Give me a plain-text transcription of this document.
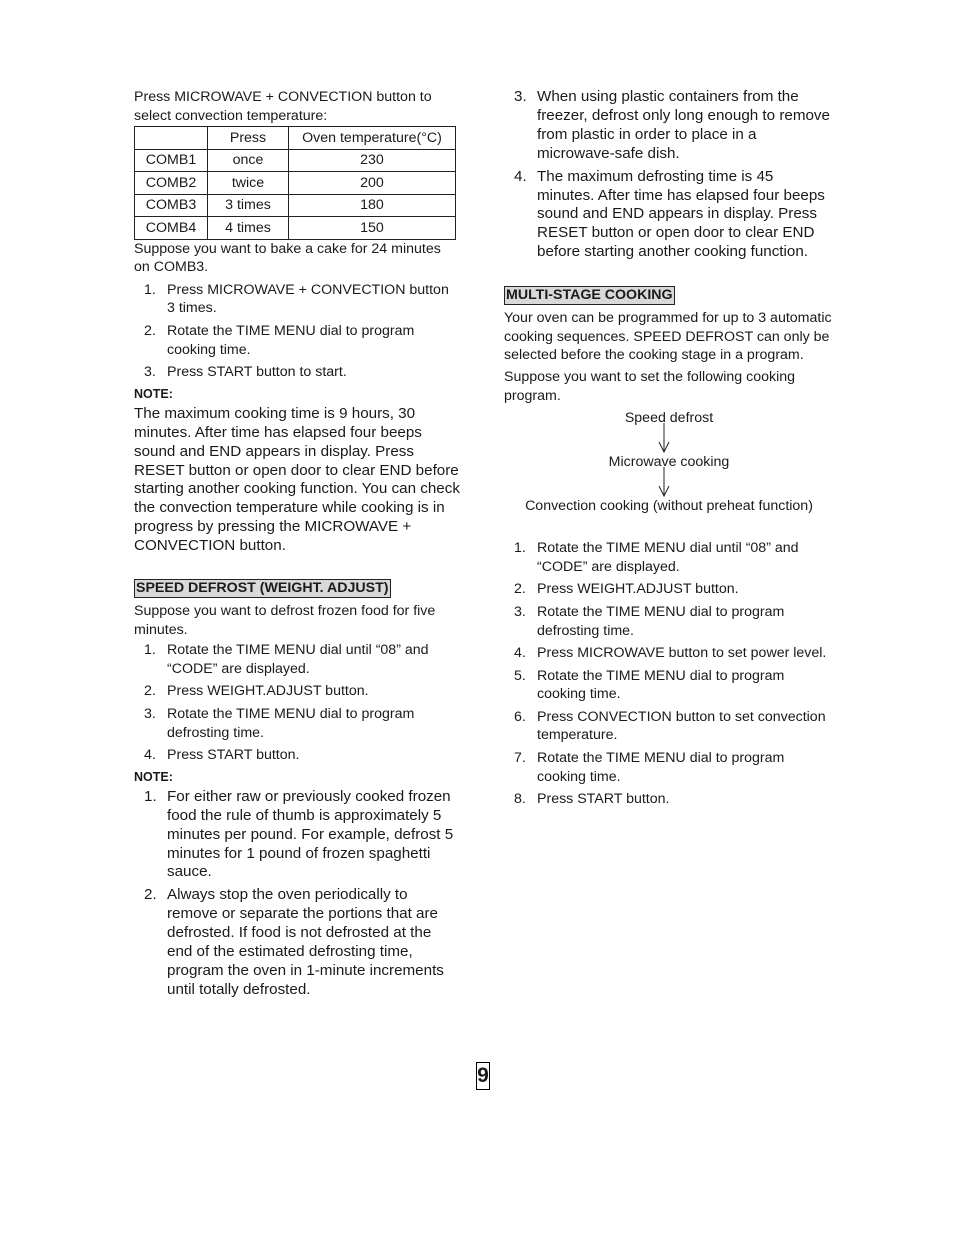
Press MICROWAVE + CONVECTION button to select convection temperature:

	Press	Oven temperature(°C)
COMB1	once	230
COMB2	twice	200
COMB3	3 times	180
COMB4	4 times	150

Suppose you want to bake a cake for 24 minutes on COMB3.

1. Press MICROWAVE + CONVECTION button 3 times.
2. Rotate the TIME MENU dial to program cooking time.
3. Press START button to start.

NOTE:

The maximum cooking time is 9 hours, 30 minutes. After time has elapsed four beeps sound and END appears in display. Press RESET button or open door to clear END before starting another cooking function. You can check the convection temperature while cooking is in progress by pressing the MICROWAVE + CONVECTION button.

SPEED DEFROST (WEIGHT. ADJUST)

Suppose you want to defrost frozen food for five minutes.

1. Rotate the TIME MENU dial until “08” and “CODE” are displayed.
2. Press WEIGHT.ADJUST button.
3. Rotate the TIME MENU dial to program defrosting time.
4. Press START button.

NOTE:

1. For either raw or previously cooked frozen food the rule of thumb is approximately 5 minutes per pound. For example, defrost 5 minutes for 1 pound of frozen spaghetti sauce.
2. Always stop the oven periodically to remove or separate the portions that are defrosted. If food is not defrosted at the end of the estimated defrosting time, program the oven in 1-minute increments until totally defrosted.
3. When using plastic containers from the freezer, defrost only long enough to remove from plastic in order to place in a microwave-safe dish.
4. The maximum defrosting time is 45 minutes. After time has elapsed four beeps sound and END appears in display. Press RESET button or open door to clear END before starting another cooking function.
MULTI-STAGE COOKING

Your oven can be programmed for up to 3 automatic cooking sequences. SPEED DEFROST can only be selected before the cooking stage in a program.

Suppose you want to set the following cooking program.

Speed defrost
Microwave cooking
Convection cooking (without preheat function)
1. Rotate the TIME MENU dial until “08” and “CODE” are displayed.
2. Press WEIGHT.ADJUST button.
3. Rotate the TIME MENU dial to program defrosting time.
4. Press MICROWAVE button to set power level.
5. Rotate the TIME MENU dial to program cooking time.
6. Press CONVECTION button to set convection temperature.
7. Rotate the TIME MENU dial to program cooking time.
8. Press START button.
9
